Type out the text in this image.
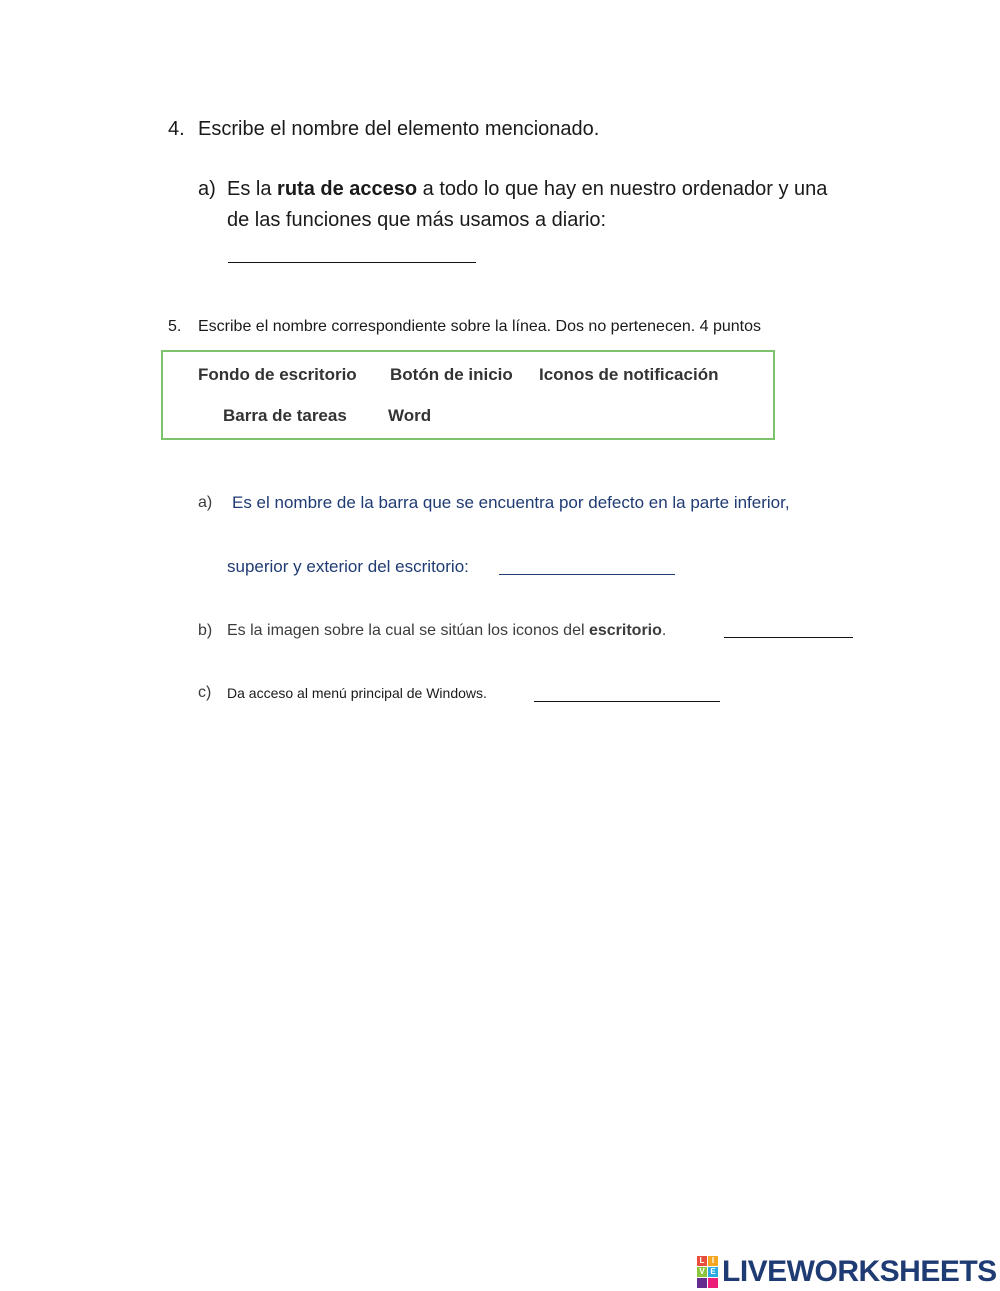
4. Escribe el nombre del elemento mencionado.
a) Es la ruta de acceso a todo lo que hay en nuestro ordenador y una
de las funciones que más usamos a diario:
5. Escribe el nombre correspondiente sobre la línea. Dos no pertenecen. 4 puntos
Fondo de escritorio Botón de inicio Iconos de notificación
Barra de tareas Word
a) Es el nombre de la barra que se encuentra por defecto en la parte inferior,
superior y exterior del escritorio:
b) Es la imagen sobre la cual se sitúan los iconos del escritorio.
c) Da acceso al menú principal de Windows.
L I
V E LIVEWORKSHEETS
